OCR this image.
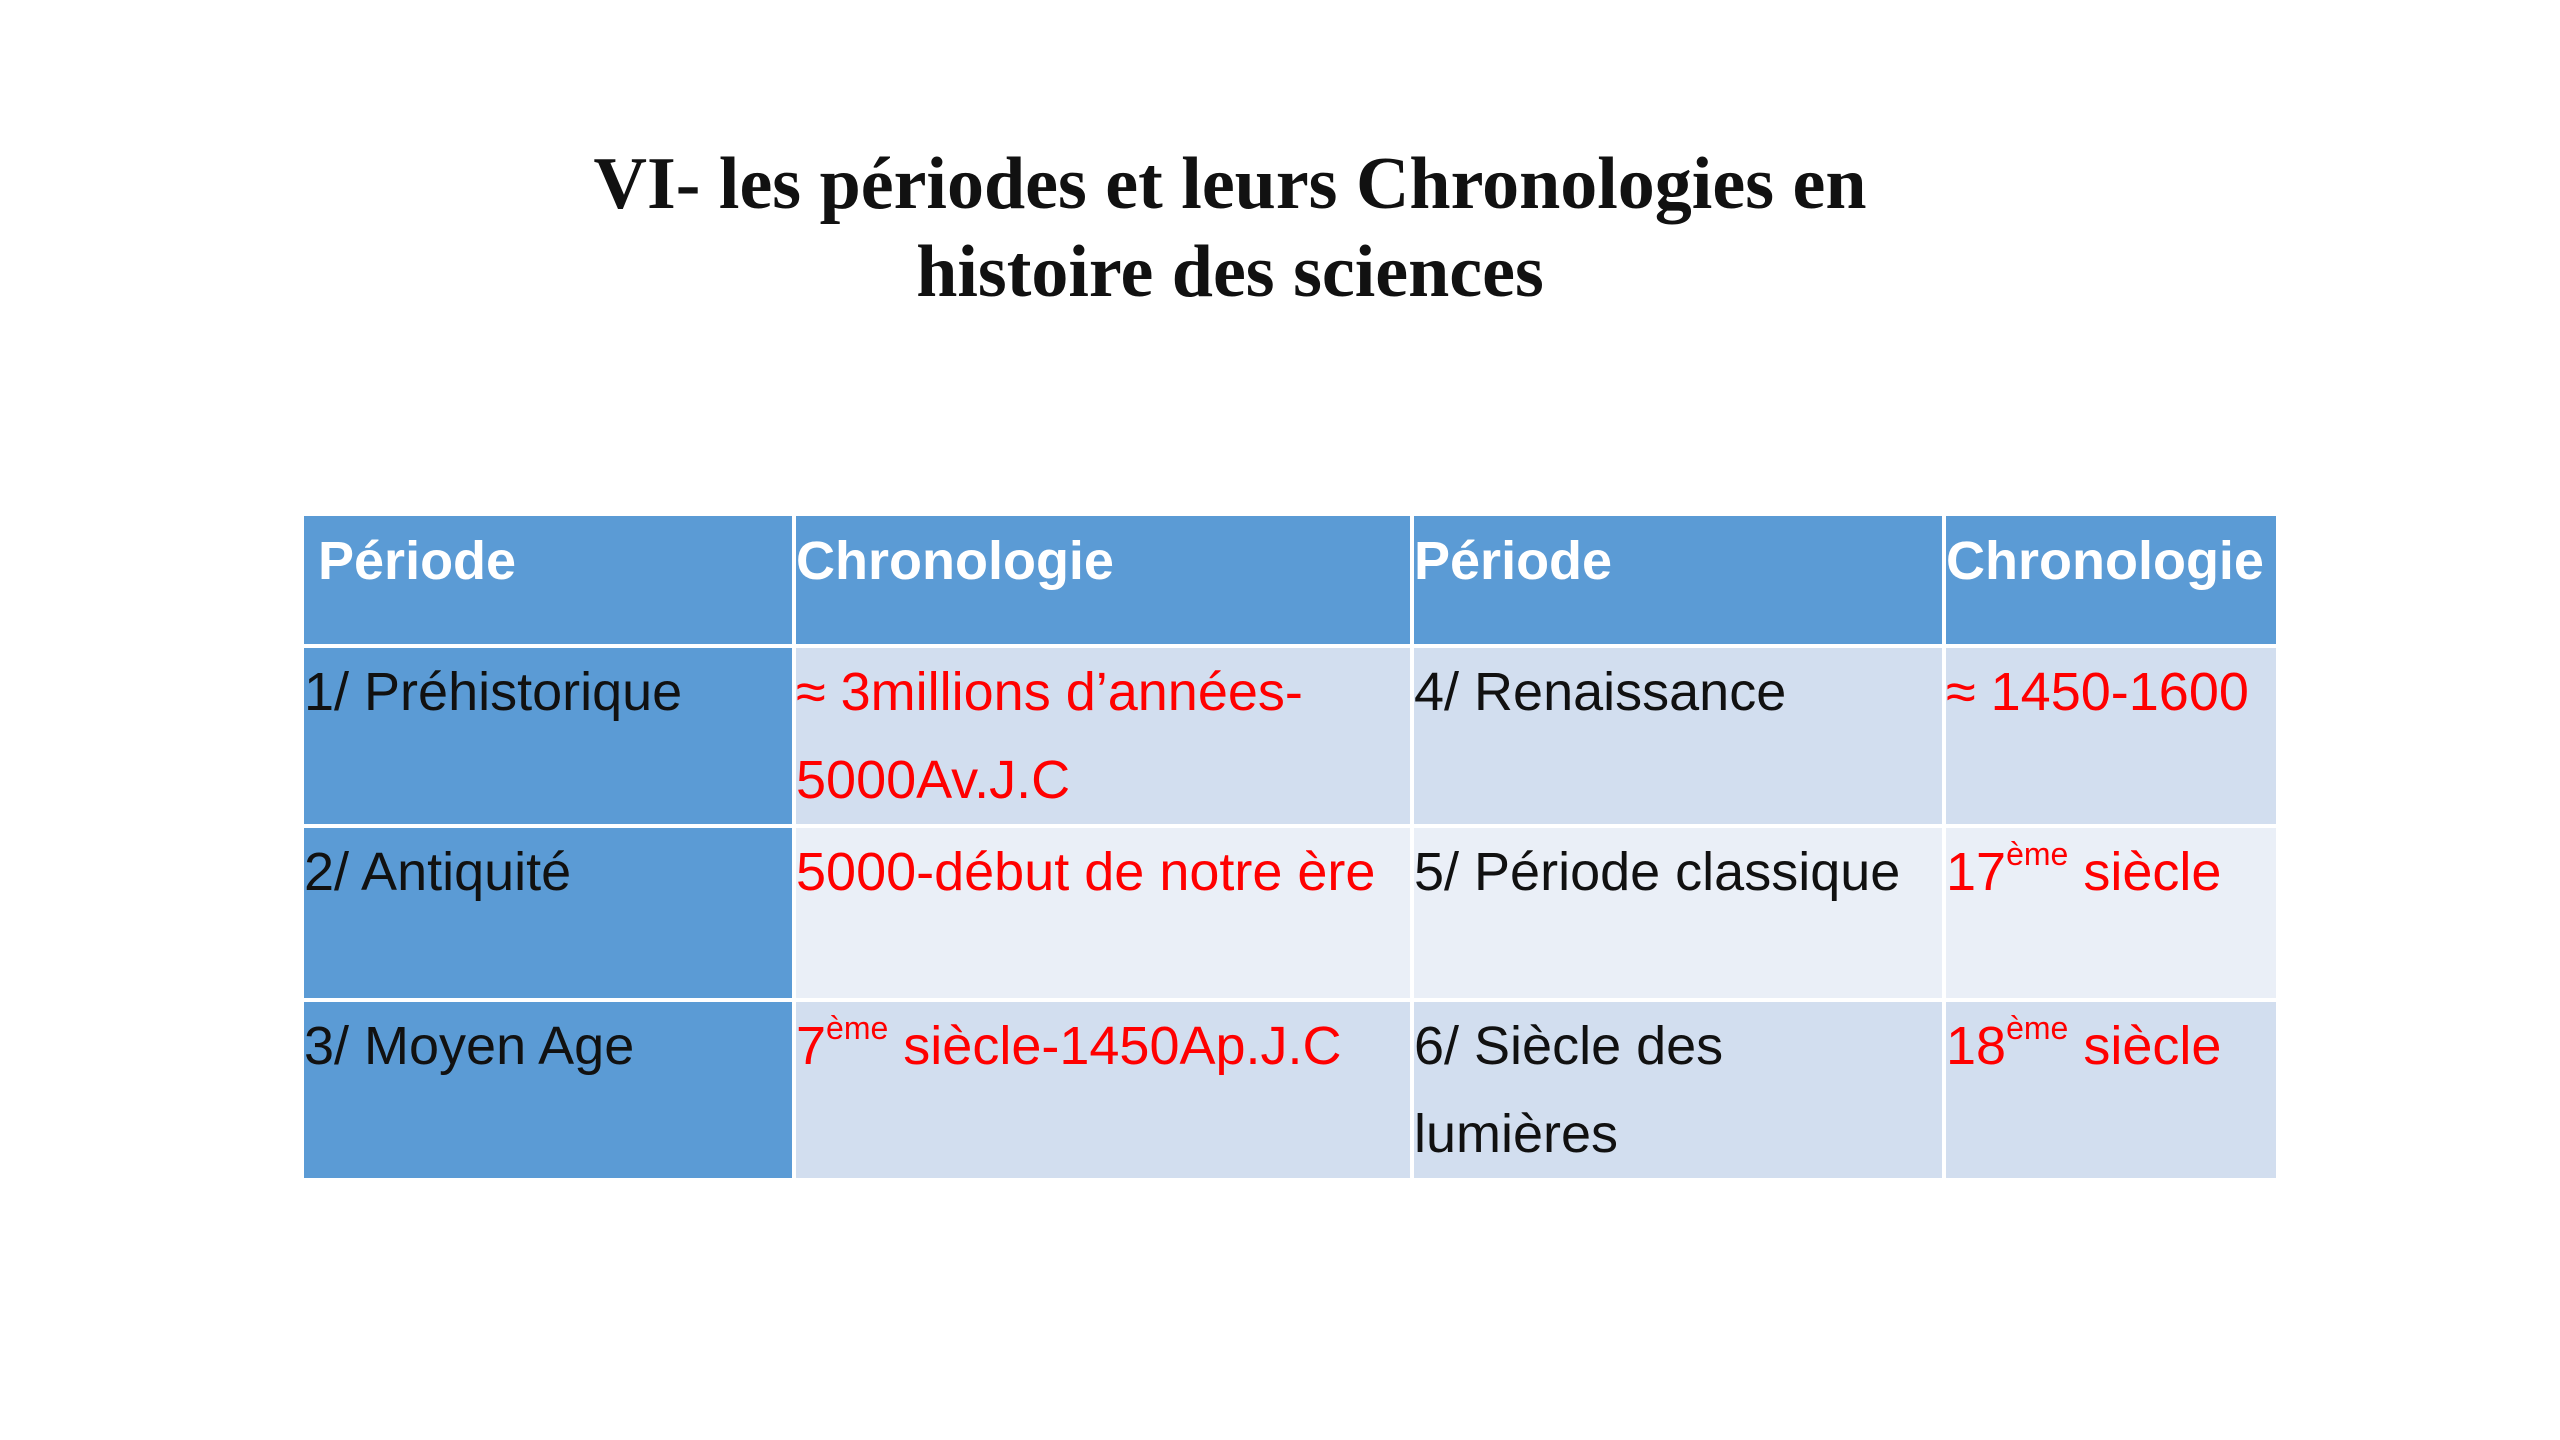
VI- les périodes et leurs Chronologies en
histoire des sciences
Période	Chronologie	Période	Chronologie
1/ Préhistorique	≈ 3millions d’années-5000Av.J.C	4/ Renaissance	≈ 1450-1600
2/ Antiquité	5000-début de notre ère	5/ Période classique	17ème siècle
3/ Moyen Age	7ème siècle-1450Ap.J.C	6/ Siècle des lumières	18ème siècle
